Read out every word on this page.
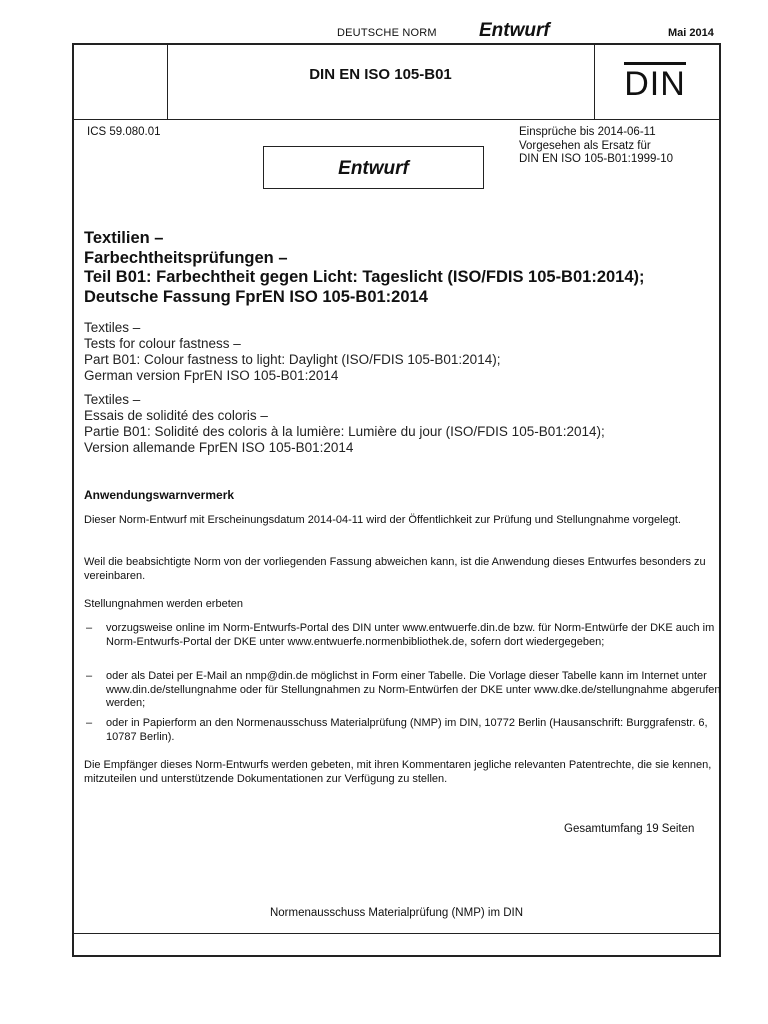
DEUTSCHE NORM Entwurf	Mai 2014
DIN EN ISO 105-B01	DIN
ICS 59.080.01	Einsprüche bis 2014-06-11
Vorgesehen als Ersatz für
DIN EN ISO 105-B01:1999-10
Entwurf
Textilien –
Farbechtheitsprüfungen –
Teil B01: Farbechtheit gegen Licht: Tageslicht (ISO/FDIS 105-B01:2014);
Deutsche Fassung FprEN ISO 105-B01:2014
Textiles –
Tests for colour fastness –
Part B01: Colour fastness to light: Daylight (ISO/FDIS 105-B01:2014);
German version FprEN ISO 105-B01:2014
Textiles –
Essais de solidité des coloris –
Partie B01: Solidité des coloris à la lumière: Lumière du jour (ISO/FDIS 105-B01:2014);
Version allemande FprEN ISO 105-B01:2014
Anwendungswarnvermerk
Dieser Norm-Entwurf mit Erscheinungsdatum 2014-04-11 wird der Öffentlichkeit zur Prüfung und Stellungnahme vorgelegt.
Weil die beabsichtigte Norm von der vorliegenden Fassung abweichen kann, ist die Anwendung dieses Entwurfes besonders zu vereinbaren.
Stellungnahmen werden erbeten
– vorzugsweise online im Norm-Entwurfs-Portal des DIN unter www.entwuerfe.din.de bzw. für Norm-Entwürfe der DKE auch im Norm-Entwurfs-Portal der DKE unter www.entwuerfe.normenbibliothek.de, sofern dort wiedergegeben;
– oder als Datei per E-Mail an nmp@din.de möglichst in Form einer Tabelle. Die Vorlage dieser Tabelle kann im Internet unter www.din.de/stellungnahme oder für Stellungnahmen zu Norm-Entwürfen der DKE unter www.dke.de/stellungnahme abgerufen werden;
– oder in Papierform an den Normenausschuss Materialprüfung (NMP) im DIN, 10772 Berlin (Hausanschrift: Burggrafenstr. 6, 10787 Berlin).
Die Empfänger dieses Norm-Entwurfs werden gebeten, mit ihren Kommentaren jegliche relevanten Patentrechte, die sie kennen, mitzuteilen und unterstützende Dokumentationen zur Verfügung zu stellen.
Gesamtumfang 19 Seiten
Normenausschuss Materialprüfung (NMP) im DIN
